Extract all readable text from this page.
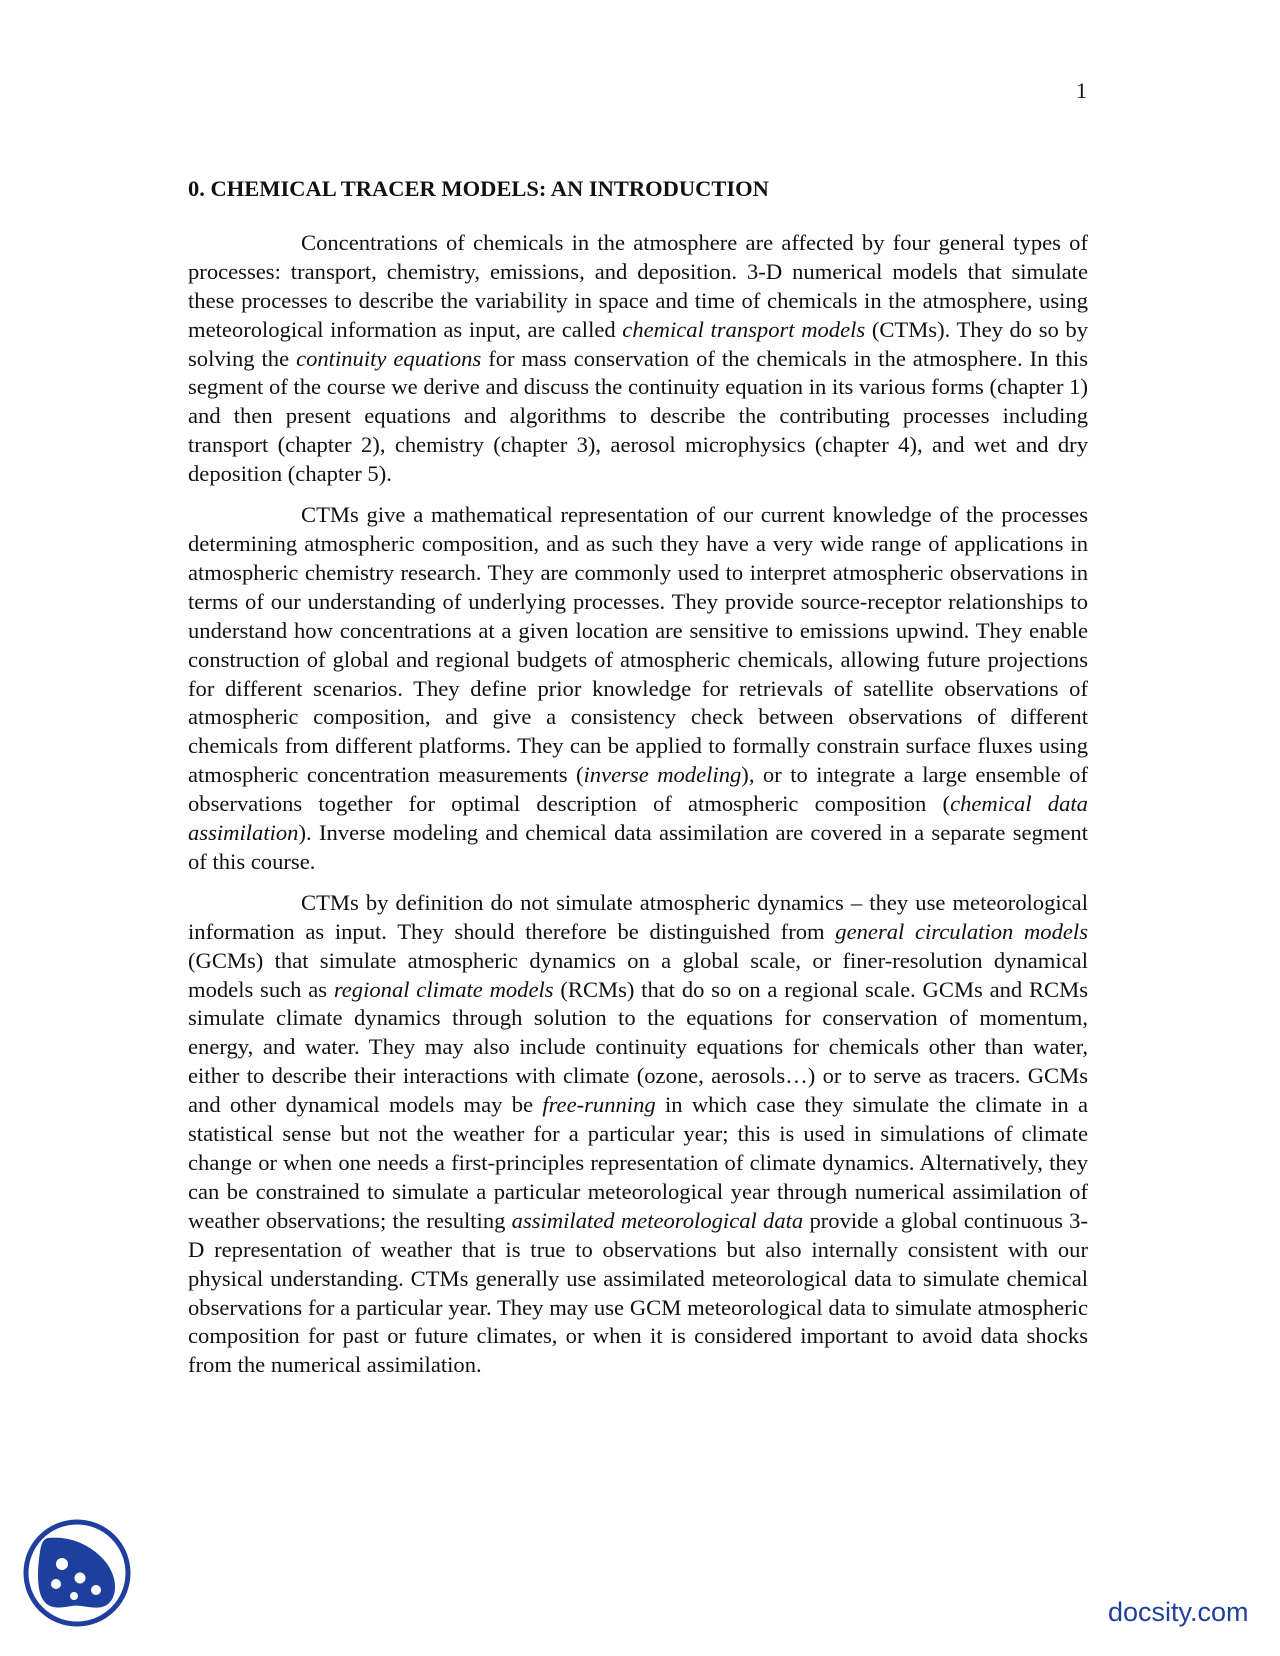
1
0. CHEMICAL TRACER MODELS: AN INTRODUCTION

Concentrations of chemicals in the atmosphere are affected by four general types of processes: transport, chemistry, emissions, and deposition. 3-D numerical models that simulate these processes to describe the variability in space and time of chemicals in the atmosphere, using meteorological information as input, are called chemical transport models (CTMs). They do so by solving the continuity equations for mass conservation of the chemicals in the atmosphere. In this segment of the course we derive and discuss the continuity equation in its various forms (chapter 1) and then present equations and algorithms to describe the contributing processes including transport (chapter 2), chemistry (chapter 3), aerosol microphysics (chapter 4), and wet and dry deposition (chapter 5).

CTMs give a mathematical representation of our current knowledge of the processes determining atmospheric composition, and as such they have a very wide range of applications in atmospheric chemistry research. They are commonly used to interpret atmospheric observations in terms of our understanding of underlying processes. They provide source-receptor relationships to understand how concentrations at a given location are sensitive to emissions upwind. They enable construction of global and regional budgets of atmospheric chemicals, allowing future projections for different scenarios. They define prior knowledge for retrievals of satellite observations of atmospheric composition, and give a consistency check between observations of different chemicals from different platforms. They can be applied to formally constrain surface fluxes using atmospheric concentration measurements (inverse modeling), or to integrate a large ensemble of observations together for optimal description of atmospheric composition (chemical data assimilation). Inverse modeling and chemical data assimilation are covered in a separate segment of this course.

CTMs by definition do not simulate atmospheric dynamics – they use meteorological information as input. They should therefore be distinguished from general circulation models (GCMs) that simulate atmospheric dynamics on a global scale, or finer-resolution dynamical models such as regional climate models (RCMs) that do so on a regional scale. GCMs and RCMs simulate climate dynamics through solution to the equations for conservation of momentum, energy, and water. They may also include continuity equations for chemicals other than water, either to describe their interactions with climate (ozone, aerosols…) or to serve as tracers. GCMs and other dynamical models may be free-running in which case they simulate the climate in a statistical sense but not the weather for a particular year; this is used in simulations of climate change or when one needs a first-principles representation of climate dynamics. Alternatively, they can be constrained to simulate a particular meteorological year through numerical assimilation of weather observations; the resulting assimilated meteorological data provide a global continuous 3-D representation of weather that is true to observations but also internally consistent with our physical understanding. CTMs generally use assimilated meteorological data to simulate chemical observations for a particular year. They may use GCM meteorological data to simulate atmospheric composition for past or future climates, or when it is considered important to avoid data shocks from the numerical assimilation.

docsity.com
